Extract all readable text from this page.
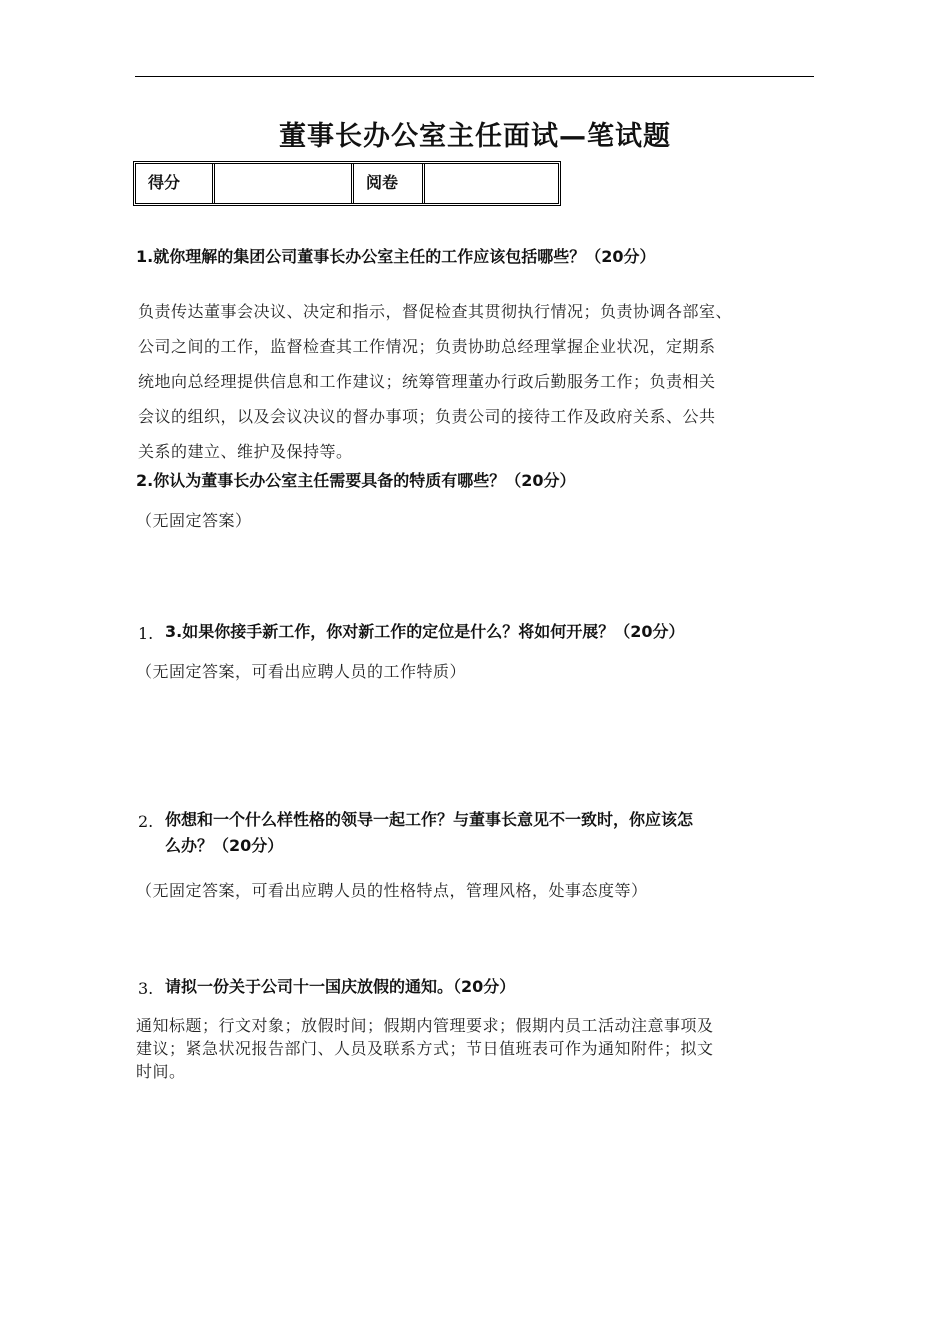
董事长办公室主任面试—笔试题
得分		阅卷	
1.就你理解的集团公司董事长办公室主任的工作应该包括哪些？（20分）
负责传达董事会决议、决定和指示，督促检查其贯彻执行情况；负责协调各部室、
公司之间的工作，监督检查其工作情况；负责协助总经理掌握企业状况，定期系
统地向总经理提供信息和工作建议；统筹管理董办行政后勤服务工作；负责相关
会议的组织，以及会议决议的督办事项；负责公司的接待工作及政府关系、公共
关系的建立、维护及保持等。
2.你认为董事长办公室主任需要具备的特质有哪些？（20分）
（无固定答案）
1. 3.如果你接手新工作，你对新工作的定位是什么？将如何开展？（20分）
（无固定答案，可看出应聘人员的工作特质）
2. 你想和一个什么样性格的领导一起工作？与董事长意见不一致时，你应该怎
么办？（20分）
（无固定答案，可看出应聘人员的性格特点，管理风格，处事态度等）
3. 请拟一份关于公司十一国庆放假的通知。（20分）
通知标题；行文对象；放假时间；假期内管理要求；假期内员工活动注意事项及
建议；紧急状况报告部门、人员及联系方式；节日值班表可作为通知附件；拟文
时间。
